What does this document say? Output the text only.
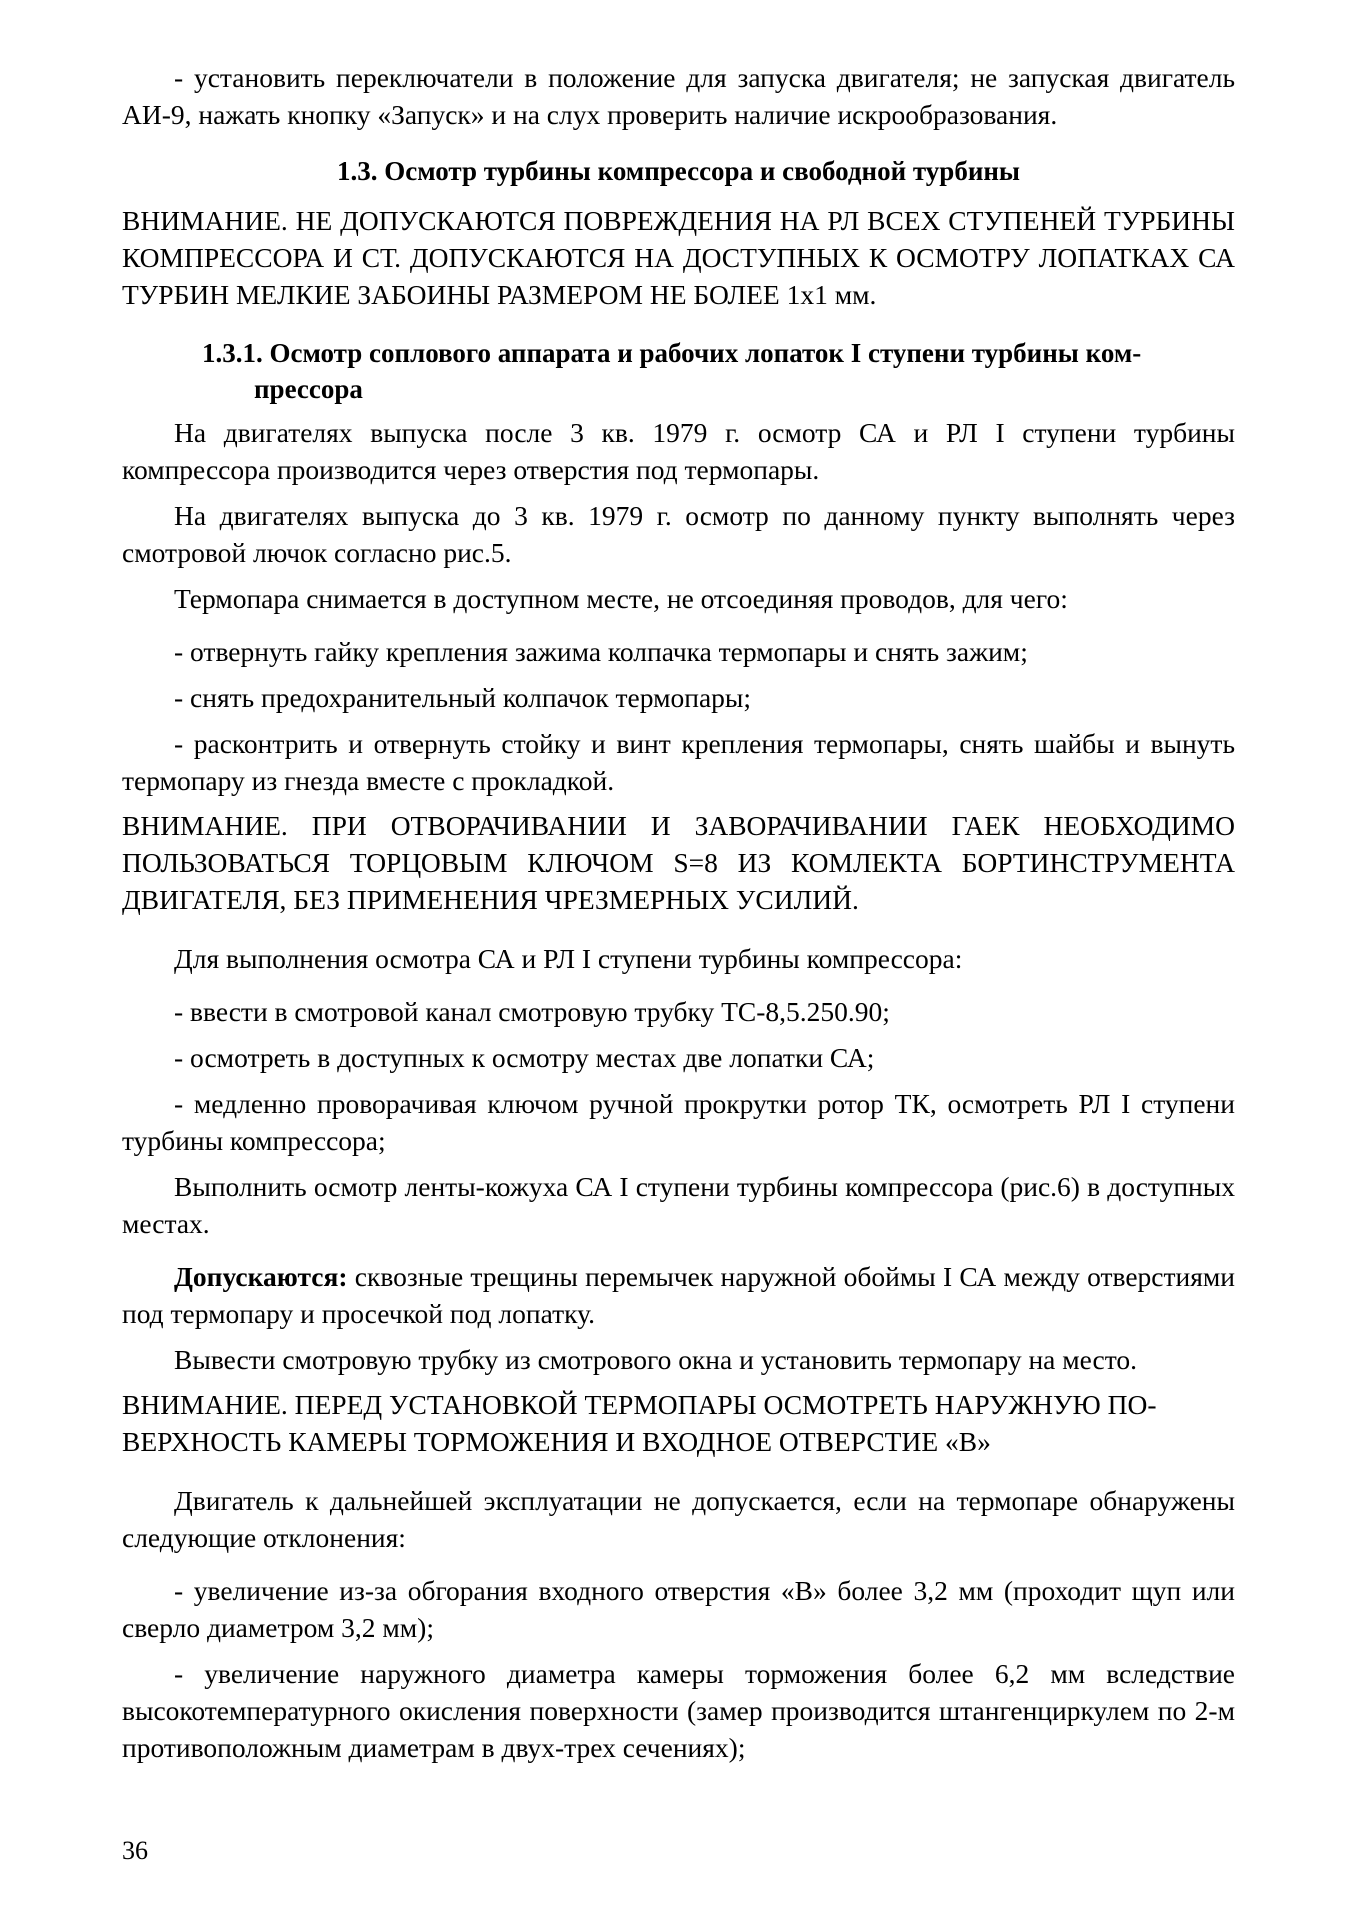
- установить переключатели в положение для запуска двигателя; не запуская двигатель АИ-9, нажать кнопку «Запуск» и на слух проверить наличие искрообразования.

1.3. Осмотр турбины компрессора и свободной турбины

ВНИМАНИЕ. НЕ ДОПУСКАЮТСЯ ПОВРЕЖДЕНИЯ НА РЛ ВСЕХ СТУПЕНЕЙ ТУРБИНЫ КОМПРЕССОРА И СТ. ДОПУСКАЮТСЯ НА ДОСТУПНЫХ К ОСМОТРУ ЛОПАТКАХ СА ТУРБИН МЕЛКИЕ ЗАБОИНЫ РАЗМЕРОМ НЕ БОЛЕЕ 1х1 мм.

1.3.1. Осмотр соплового аппарата и рабочих лопаток I ступени турбины ком-
прессора

На двигателях выпуска после 3 кв. 1979 г. осмотр СА и РЛ I ступени турбины компрессора производится через отверстия под термопары.

На двигателях выпуска до 3 кв. 1979 г. осмотр по данному пункту выполнять через смотровой лючок согласно рис.5.

Термопара снимается в доступном месте, не отсоединяя проводов, для чего:

- отвернуть гайку крепления зажима колпачка термопары и снять зажим;

- снять предохранительный колпачок термопары;

- расконтрить и отвернуть стойку и винт крепления термопары, снять шайбы и вынуть термопару из гнезда вместе с прокладкой.

ВНИМАНИЕ. ПРИ ОТВОРАЧИВАНИИ И ЗАВОРАЧИВАНИИ ГАЕК НЕОБХОДИМО ПОЛЬЗОВАТЬСЯ ТОРЦОВЫМ КЛЮЧОМ S=8 ИЗ КОМЛЕКТА БОРТИНСТРУМЕНТА ДВИГАТЕЛЯ, БЕЗ ПРИМЕНЕНИЯ ЧРЕЗМЕРНЫХ УСИЛИЙ.

Для выполнения осмотра СА и РЛ I ступени турбины компрессора:

- ввести в смотровой канал смотровую трубку ТС-8,5.250.90;

- осмотреть в доступных к осмотру местах две лопатки СА;

- медленно проворачивая ключом ручной прокрутки ротор ТК, осмотреть РЛ I ступени турбины компрессора;

Выполнить осмотр ленты-кожуха СА I ступени турбины компрессора (рис.6) в доступных местах.

Допускаются: сквозные трещины перемычек наружной обоймы I СА между отверстиями под термопару и просечкой под лопатку.

Вывести смотровую трубку из смотрового окна и установить термопару на место.

ВНИМАНИЕ. ПЕРЕД УСТАНОВКОЙ ТЕРМОПАРЫ ОСМОТРЕТЬ НАРУЖНУЮ ПОВЕРХНОСТЬ КАМЕРЫ ТОРМОЖЕНИЯ И ВХОДНОЕ ОТВЕРСТИЕ «В»

Двигатель к дальнейшей эксплуатации не допускается, если на термопаре обнаружены следующие отклонения:

- увеличение из-за обгорания входного отверстия «В» более 3,2 мм (проходит щуп или сверло диаметром 3,2 мм);

- увеличение наружного диаметра камеры торможения более 6,2 мм вследствие высокотемпературного окисления поверхности (замер производится штангенциркулем по 2-м противоположным диаметрам в двух-трех сечениях);

36
